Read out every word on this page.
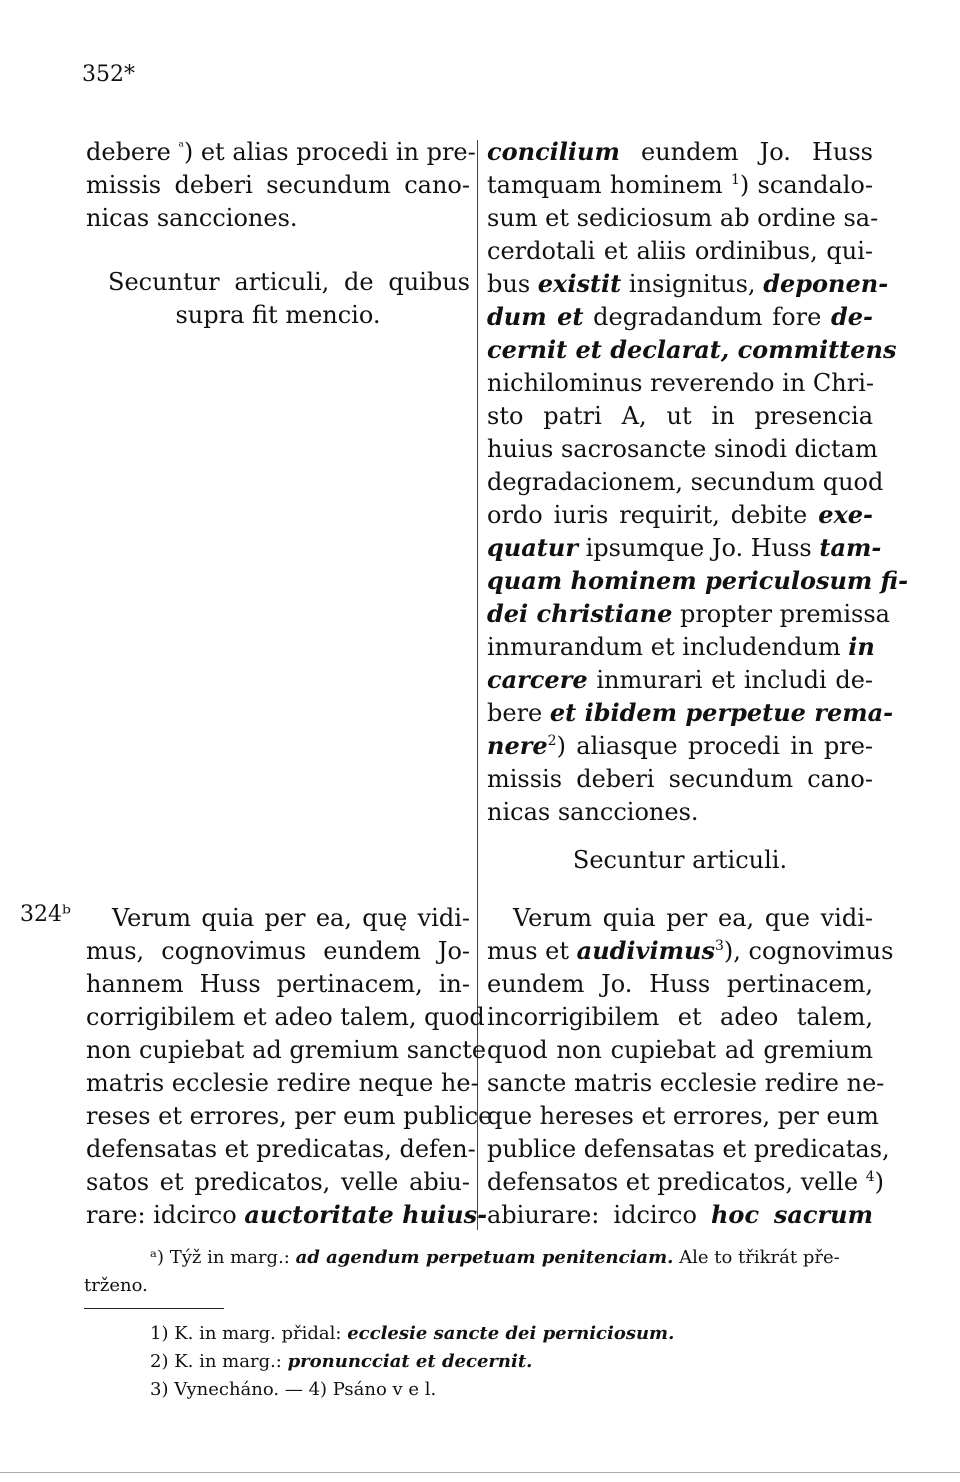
352*
324ᵇ
debere $^ᵃ$) et alias procedi in pre-
missis deberi secundum cano-
nicas sancciones.
Secuntur articuli, de quibus
supra fit mencio.
concilium eundem Jo. Huss
tamquam hominem $^1$) scandalo-
sum et sediciosum ab ordine sa-
cerdotali et aliis ordinibus, qui-
bus existit insignitus, deponen-
dum et degradandum fore de-
cernit et declarat, committens
nichilominus reverendo in Chri-
sto patri A, ut in presencia
huius sacrosancte sinodi dictam
degradacionem, secundum quod
ordo iuris requirit, debite exe-
quatur ipsumque Jo. Huss tam-
quam hominem periculosum fi-
dei christiane propter premissa
inmurandum et includendum in
carcere inmurari et includi de-
bere et ibidem perpetue rema-
nere$^2$) aliasque procedi in pre-
missis deberi secundum cano-
nicas sancciones.
Secuntur articuli.
Verum quia per ea, quę vidi-
mus, cognovimus eundem Jo-
hannem Huss pertinacem, in-
corrigibilem et adeo talem, quod
non cupiebat ad gremium sancte
matris ecclesie redire neque he-
reses et errores, per eum publice
defensatas et predicatas, defen-
satos et predicatos, velle abiu-
rare: idcirco auctoritate huius-
Verum quia per ea, que vidi-
mus et audivimus$^3$), cognovimus
eundem Jo. Huss pertinacem,
incorrigibilem et adeo talem,
quod non cupiebat ad gremium
sancte matris ecclesie redire ne-
que hereses et errores, per eum
publice defensatas et predicatas,
defensatos et predicatos, velle $^4$)
abiurare: idcirco hoc sacrum
ᵃ) Týž in marg.: ad agendum perpetuam penitenciam. Ale to třikrát pře-
trženo.
1) K. in marg. přidal: ecclesie sancte dei perniciosum.
2) K. in marg.: pronuncciat et decernit.
3) Vynecháno. — 4) Psáno v e l.
